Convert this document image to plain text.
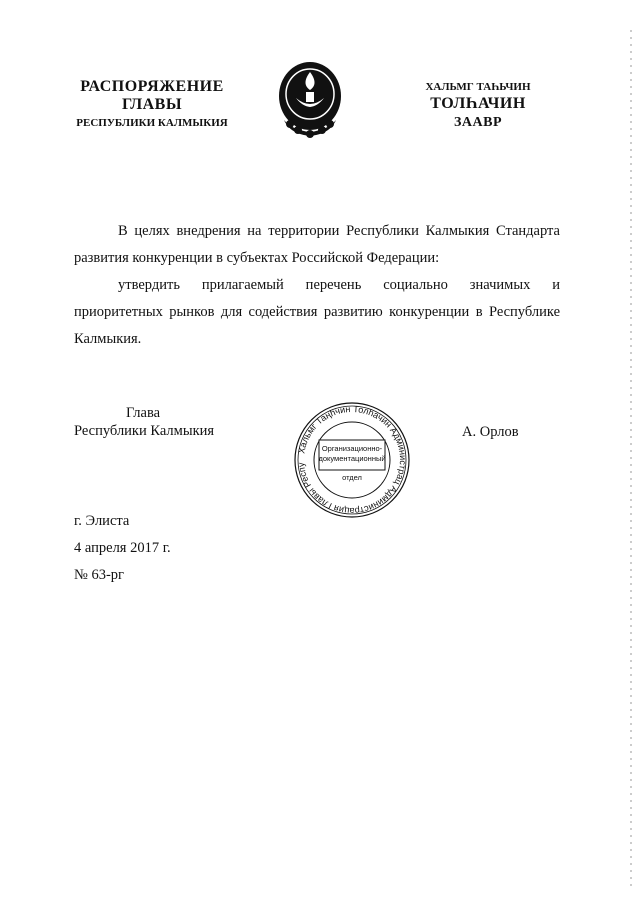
РАСПОРЯЖЕНИЕ
ГЛАВЫ
РЕСПУБЛИКИ КАЛМЫКИЯ
ХАЛЬМГ ТАҺЬЧИН
ТОЛҺАЧИН
ЗААВР
В целях внедрения на территории Республики Калмыкия Стандарта развития конкуренции в субъектах Российской Федерации:
утвердить прилагаемый перечень социально значимых и приоритетных рынков для содействия развитию конкуренции в Республике Калмыкия.
Глава
Республики Калмыкия
Хальмг Таңһчин Толһачин Администрац Администрация Главы Респу
Организационно-
документационный
отдел
А. Орлов
г. Элиста
4 апреля 2017 г.
№ 63-рг
